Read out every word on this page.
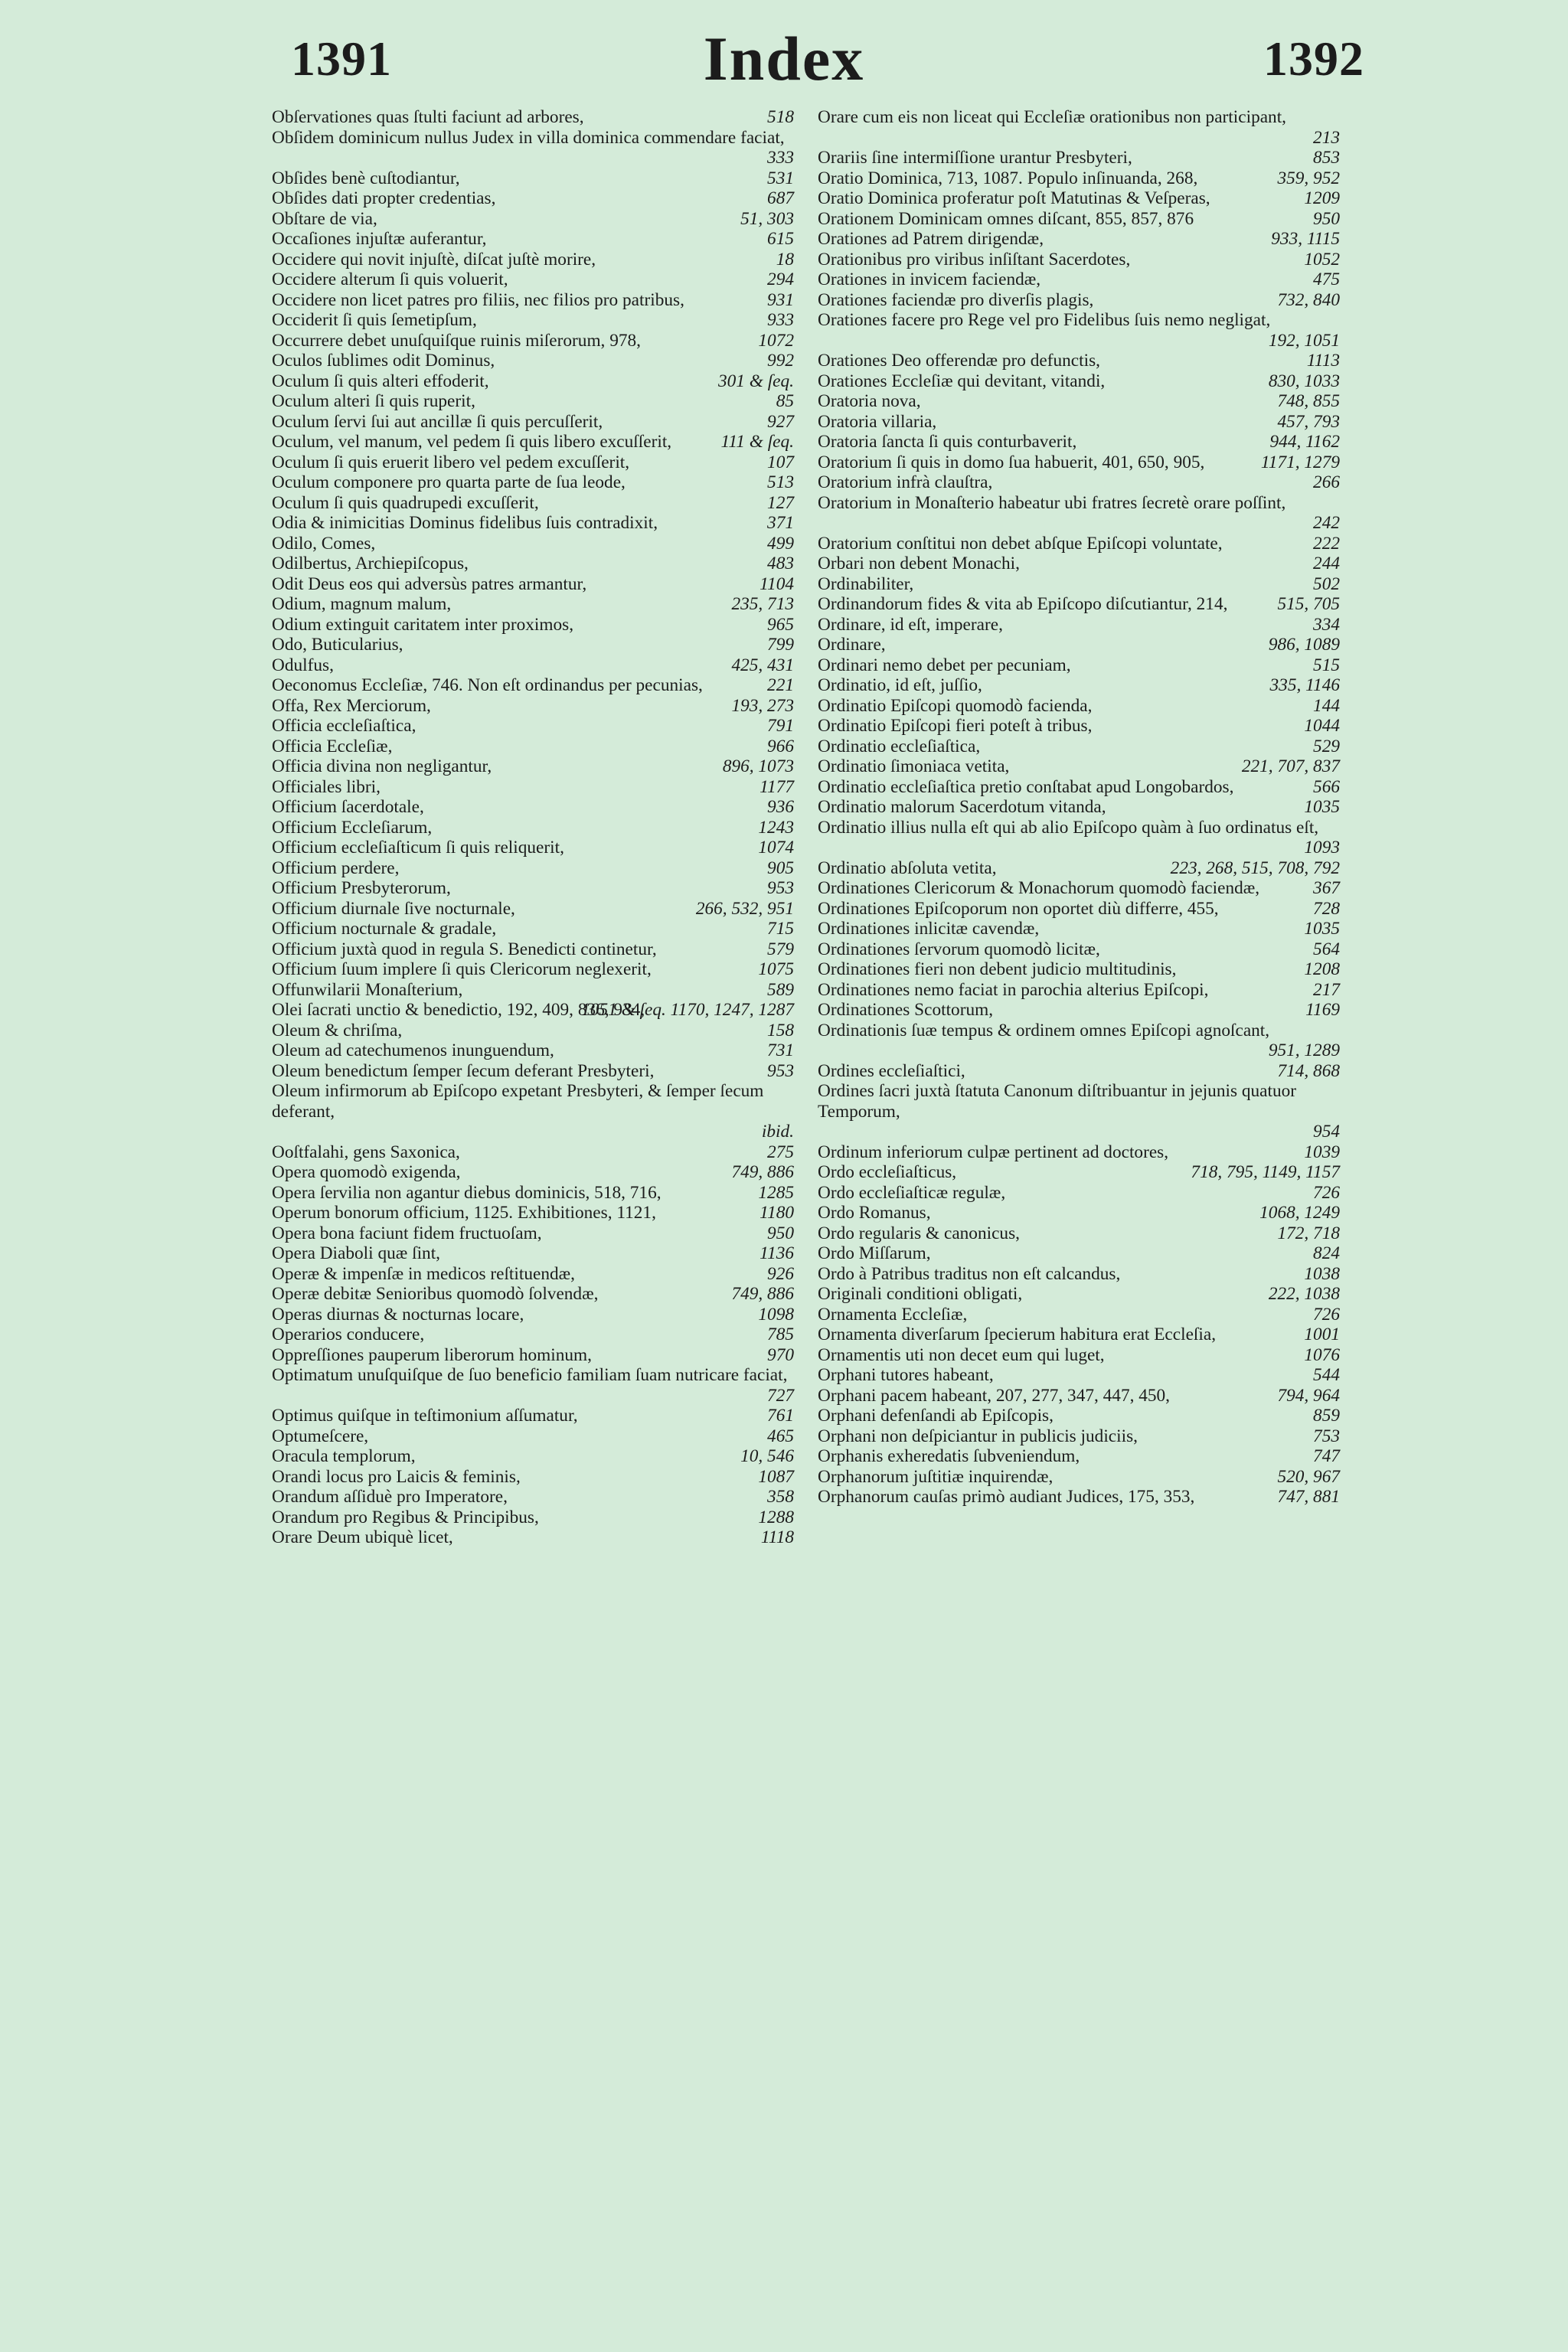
1391	Index	1392
Obſervationes quas ſtulti faciunt ad arbores,	518
Obſidem dominicum nullus Judex in villa dominica commendare faciat,
333
Obſides benè cuſtodiantur,	531
Obſides dati propter credentias,	687
Obſtare de via,	51, 303
Occaſiones injuſtæ auferantur,	615
Occidere qui novit injuſtè, diſcat juſtè morire,	18
Occidere alterum ſi quis voluerit,	294
Occidere non licet patres pro filiis, nec filios pro patribus,	931
Occiderit ſi quis ſemetipſum,	933
Occurrere debet unuſquiſque ruinis miſerorum, 978,	1072
Oculos ſublimes odit Dominus,	992
Oculum ſi quis alteri effoderit,	301 & ſeq.
Oculum alteri ſi quis ruperit,	85
Oculum ſervi ſui aut ancillæ ſi quis percuſſerit,	927
Oculum, vel manum, vel pedem ſi quis libero excuſſerit,	111 & ſeq.
Oculum ſi quis eruerit libero vel pedem excuſſerit,	107
Oculum componere pro quarta parte de ſua leode,	513
Oculum ſi quis quadrupedi excuſſerit,	127
Odia & inimicitias Dominus fidelibus ſuis contradixit,	371
Odilo, Comes,	499
Odilbertus, Archiepiſcopus,	483
Odit Deus eos qui adversùs patres armantur,	1104
Odium, magnum malum,	235, 713
Odium extinguit caritatem inter proximos,	965
Odo, Buticularius,	799
Odulfus,	425, 431
Oeconomus Eccleſiæ, 746. Non eſt ordinandus per pecunias,	221
Offa, Rex Merciorum,	193, 273
Officia eccleſiaſtica,	791
Officia Eccleſiæ,	966
Officia divina non negligantur,	896, 1073
Officiales libri,	1177
Officium ſacerdotale,	936
Officium Eccleſiarum,	1243
Officium eccleſiaſticum ſi quis reliquerit,	1074
Officium perdere,	905
Officium Presbyterorum,	953
Officium diurnale ſive nocturnale,	266, 532, 951
Officium nocturnale & gradale,	715
Officium juxtà quod in regula S. Benedicti continetur,	579
Officium ſuum implere ſi quis Clericorum neglexerit,	1075
Offunwilarii Monaſterium,	589
Olei ſacrati unctio & benedictio, 192, 409, 836, 934,
1051 & ſeq. 1170, 1247, 1287
Oleum & chriſma,	158
Oleum ad catechumenos inunguendum,	731
Oleum benedictum ſemper ſecum deferant Presbyteri,	953
Oleum infirmorum ab Epiſcopo expetant Presbyteri, & ſemper ſecum deferant,
ibid.
Ooſtfalahi, gens Saxonica,	275
Opera quomodò exigenda,	749, 886
Opera ſervilia non agantur diebus dominicis, 518, 716,	1285
Operum bonorum officium, 1125. Exhibitiones, 1121,	1180
Opera bona faciunt fidem fructuoſam,	950
Opera Diaboli quæ ſint,	1136
Operæ & impenſæ in medicos reſtituendæ,	926
Operæ debitæ Senioribus quomodò ſolvendæ,	749, 886
Operas diurnas & nocturnas locare,	1098
Operarios conducere,	785
Oppreſſiones pauperum liberorum hominum,	970
Optimatum unuſquiſque de ſuo beneficio familiam ſuam nutricare faciat,
727
Optimus quiſque in teſtimonium aſſumatur,	761
Optumeſcere,	465
Oracula templorum,	10, 546
Orandi locus pro Laicis & feminis,	1087
Orandum aſſiduè pro Imperatore,	358
Orandum pro Regibus & Principibus,	1288
Orare Deum ubiquè licet,	1118
Orare cum eis non liceat qui Eccleſiæ orationibus non participant,
213
Orariis ſine intermiſſione urantur Presbyteri,	853
Oratio Dominica, 713, 1087. Populo inſinuanda, 268,	359, 952
Oratio Dominica proferatur poſt Matutinas & Veſperas,	1209
Orationem Dominicam omnes diſcant, 855, 857, 876	950
Orationes ad Patrem dirigendæ,	933, 1115
Orationibus pro viribus inſiſtant Sacerdotes,	1052
Orationes in invicem faciendæ,	475
Orationes faciendæ pro diverſis plagis,	732, 840
Orationes facere pro Rege vel pro Fidelibus ſuis nemo negligat,
192, 1051
Orationes Deo offerendæ pro defunctis,	1113
Orationes Eccleſiæ qui devitant, vitandi,	830, 1033
Oratoria nova,	748, 855
Oratoria villaria,	457, 793
Oratoria ſancta ſi quis conturbaverit,	944, 1162
Oratorium ſi quis in domo ſua habuerit, 401, 650, 905,	1171, 1279
Oratorium infrà clauſtra,	266
Oratorium in Monaſterio habeatur ubi fratres ſecretè orare poſſint,
242
Oratorium conſtitui non debet abſque Epiſcopi voluntate,	222
Orbari non debent Monachi,	244
Ordinabiliter,	502
Ordinandorum fides & vita ab Epiſcopo diſcutiantur, 214,	515, 705
Ordinare, id eſt, imperare,	334
Ordinare,	986, 1089
Ordinari nemo debet per pecuniam,	515
Ordinatio, id eſt, juſſio,	335, 1146
Ordinatio Epiſcopi quomodò facienda,	144
Ordinatio Epiſcopi fieri poteſt à tribus,	1044
Ordinatio eccleſiaſtica,	529
Ordinatio ſimoniaca vetita,	221, 707, 837
Ordinatio eccleſiaſtica pretio conſtabat apud Longobardos,	566
Ordinatio malorum Sacerdotum vitanda,	1035
Ordinatio illius nulla eſt qui ab alio Epiſcopo quàm à ſuo ordinatus eſt,
1093
Ordinatio abſoluta vetita,	223, 268, 515, 708, 792
Ordinationes Clericorum & Monachorum quomodò faciendæ,	367
Ordinationes Epiſcoporum non oportet diù differre, 455,	728
Ordinationes inlicitæ cavendæ,	1035
Ordinationes ſervorum quomodò licitæ,	564
Ordinationes fieri non debent judicio multitudinis,	1208
Ordinationes nemo faciat in parochia alterius Epiſcopi,	217
Ordinationes Scottorum,	1169
Ordinationis ſuæ tempus & ordinem omnes Epiſcopi agnoſcant,
951, 1289
Ordines eccleſiaſtici,	714, 868
Ordines ſacri juxtà ſtatuta Canonum diſtribuantur in jejunis quatuor Temporum,
954
Ordinum inferiorum culpæ pertinent ad doctores,	1039
Ordo eccleſiaſticus,	718, 795, 1149, 1157
Ordo eccleſiaſticæ regulæ,	726
Ordo Romanus,	1068, 1249
Ordo regularis & canonicus,	172, 718
Ordo Miſſarum,	824
Ordo à Patribus traditus non eſt calcandus,	1038
Originali conditioni obligati,	222, 1038
Ornamenta Eccleſiæ,	726
Ornamenta diverſarum ſpecierum habitura erat Eccleſia,	1001
Ornamentis uti non decet eum qui luget,	1076
Orphani tutores habeant,	544
Orphani pacem habeant, 207, 277, 347, 447, 450,	794, 964
Orphani defenſandi ab Epiſcopis,	859
Orphani non deſpiciantur in publicis judiciis,	753
Orphanis exheredatis ſubveniendum,	747
Orphanorum juſtitiæ inquirendæ,	520, 967
Orphanorum cauſas primò audiant Judices, 175, 353,	747, 881
